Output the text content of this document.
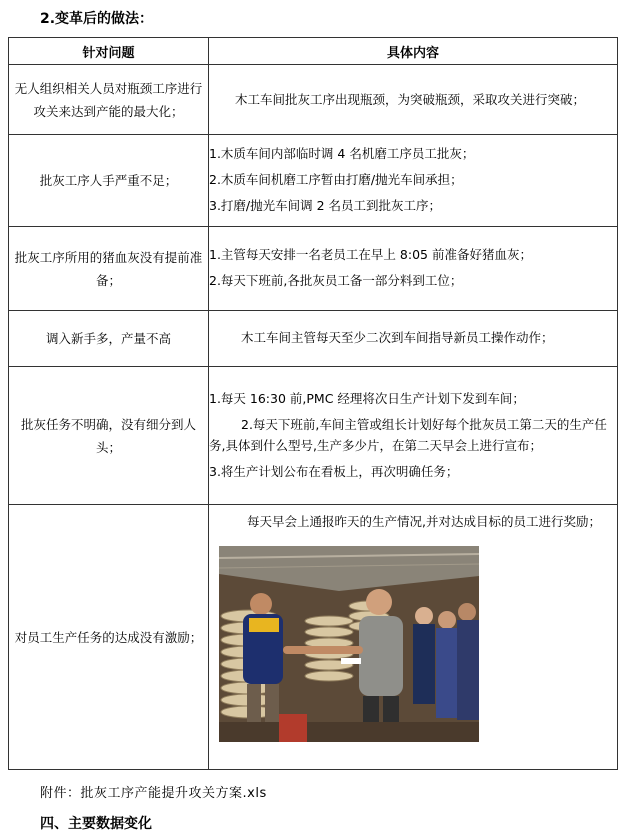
2.变革后的做法：
针对问题	具体内容
无人组织相关人员对瓶颈工序进行攻关来达到产能的最大化；	木工车间批灰工序出现瓶颈，为突破瓶颈，采取攻关进行突破；

批灰工序人手严重不足；	1.木质车间内部临时调 4 名机磨工序员工批灰；

2.木质车间机磨工序暂由打磨/抛光车间承担；

3.打磨/抛光车间调 2 名员工到批灰工序；

批灰工序所用的猪血灰没有提前准备；	1.主管每天安排一名老员工在早上 8:05 前准备好猪血灰；

2.每天下班前,各批灰员工备一部分料到工位；

调入新手多，产量不高	木工车间主管每天至少二次到车间指导新员工操作动作；

批灰任务不明确，没有细分到人头；	1.每天 16:30 前,PMC 经理将次日生产计划下发到车间；

2.每天下班前,车间主管或组长计划好每个批灰员工第二天的生产任务,具体到什么型号,生产多少片，在第二天早会上进行宣布；

3.将生产计划公布在看板上，再次明确任务；

对员工生产任务的达成没有激励；	每天早会上通报昨天的生产情况,并对达成目标的员工进行奖励；

附件：批灰工序产能提升攻关方案.xls
四、主要数据变化
